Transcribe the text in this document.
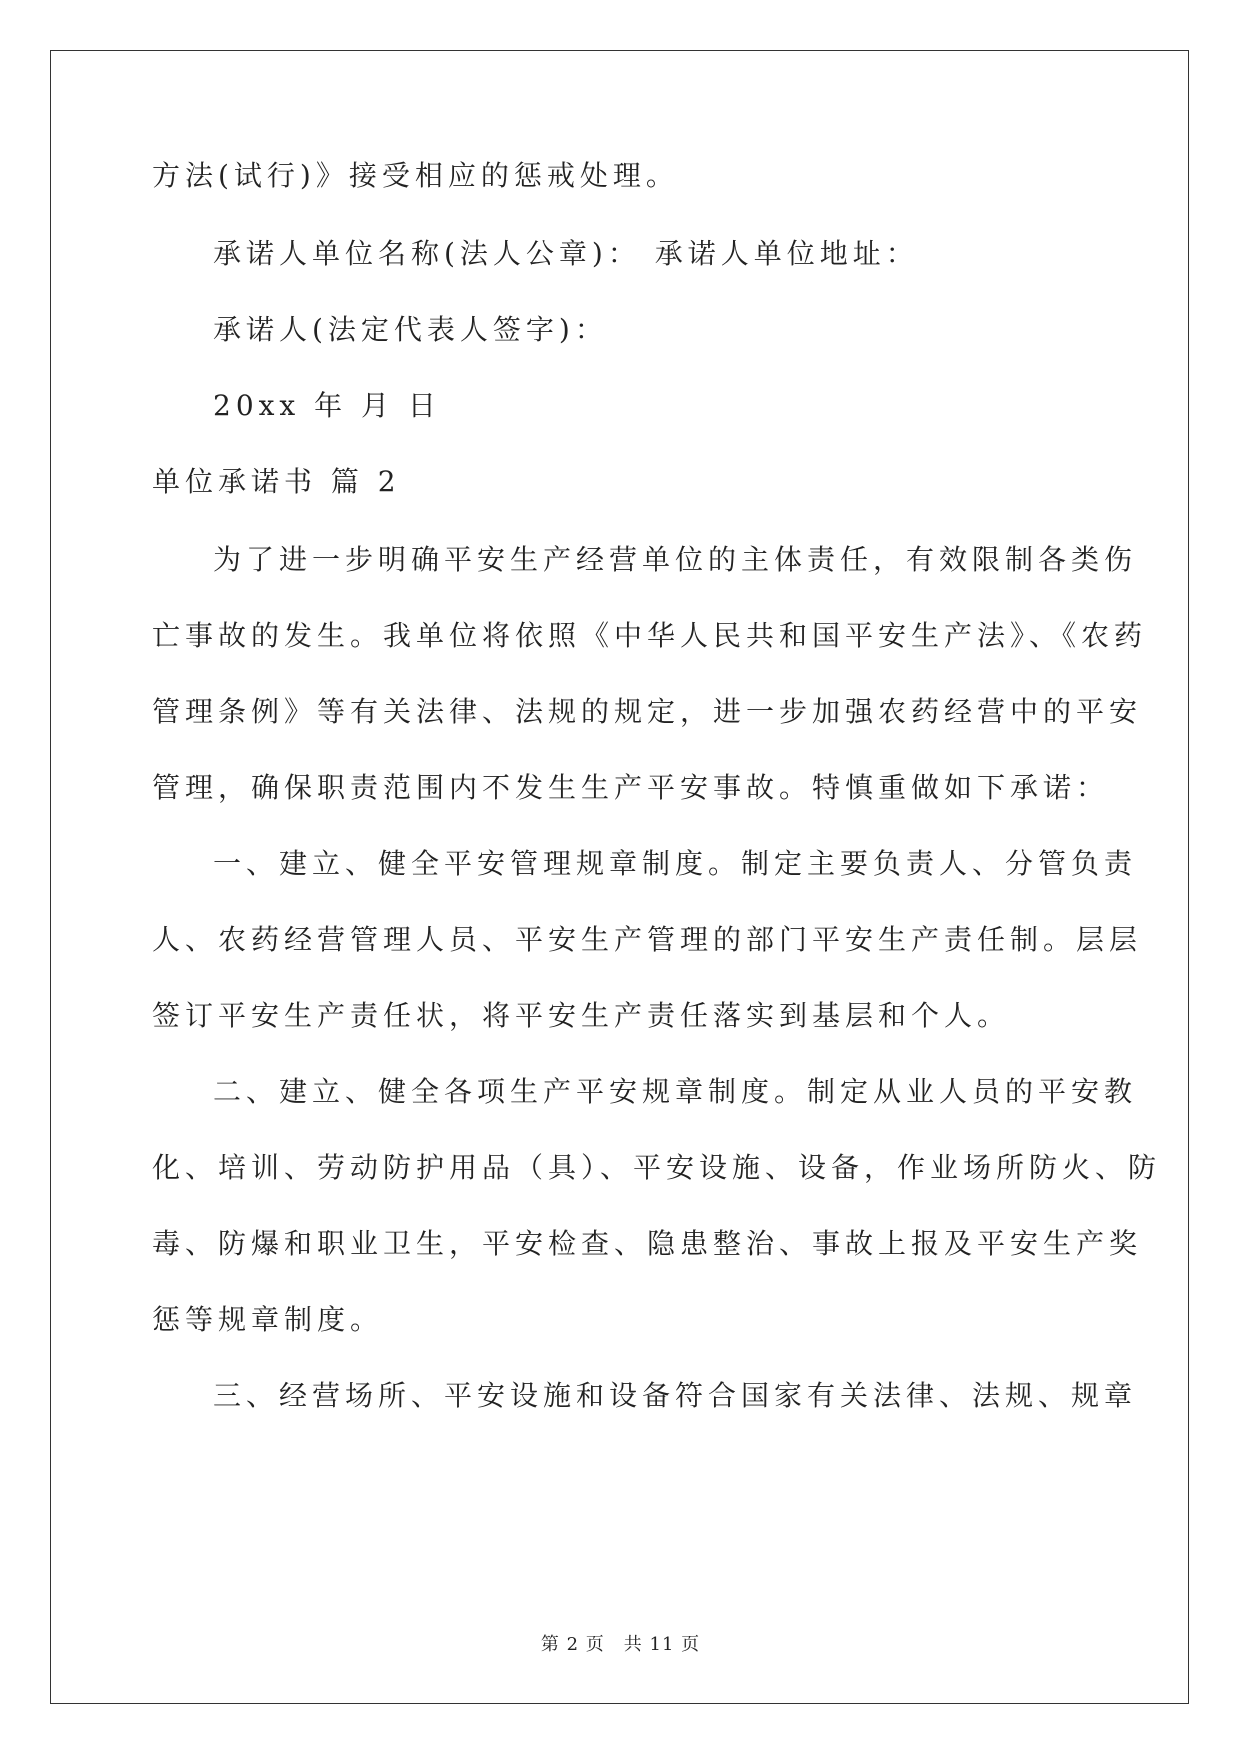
方法(试行)》接受相应的惩戒处理。
承诺人单位名称(法人公章)： 承诺人单位地址：
承诺人(法定代表人签字)：
20xx 年 月 日
单位承诺书 篇 2
为了进一步明确平安生产经营单位的主体责任，有效限制各类伤
亡事故的发生。我单位将依照《中华人民共和国平安生产法》、《农药
管理条例》等有关法律、法规的规定，进一步加强农药经营中的平安
管理，确保职责范围内不发生生产平安事故。特慎重做如下承诺：
一、建立、健全平安管理规章制度。制定主要负责人、分管负责
人、农药经营管理人员、平安生产管理的部门平安生产责任制。层层
签订平安生产责任状，将平安生产责任落实到基层和个人。
二、建立、健全各项生产平安规章制度。制定从业人员的平安教
化、培训、劳动防护用品（具）、平安设施、设备，作业场所防火、防
毒、防爆和职业卫生，平安检查、隐患整治、事故上报及平安生产奖
惩等规章制度。
三、经营场所、平安设施和设备符合国家有关法律、法规、规章
第 2 页　共 11 页
